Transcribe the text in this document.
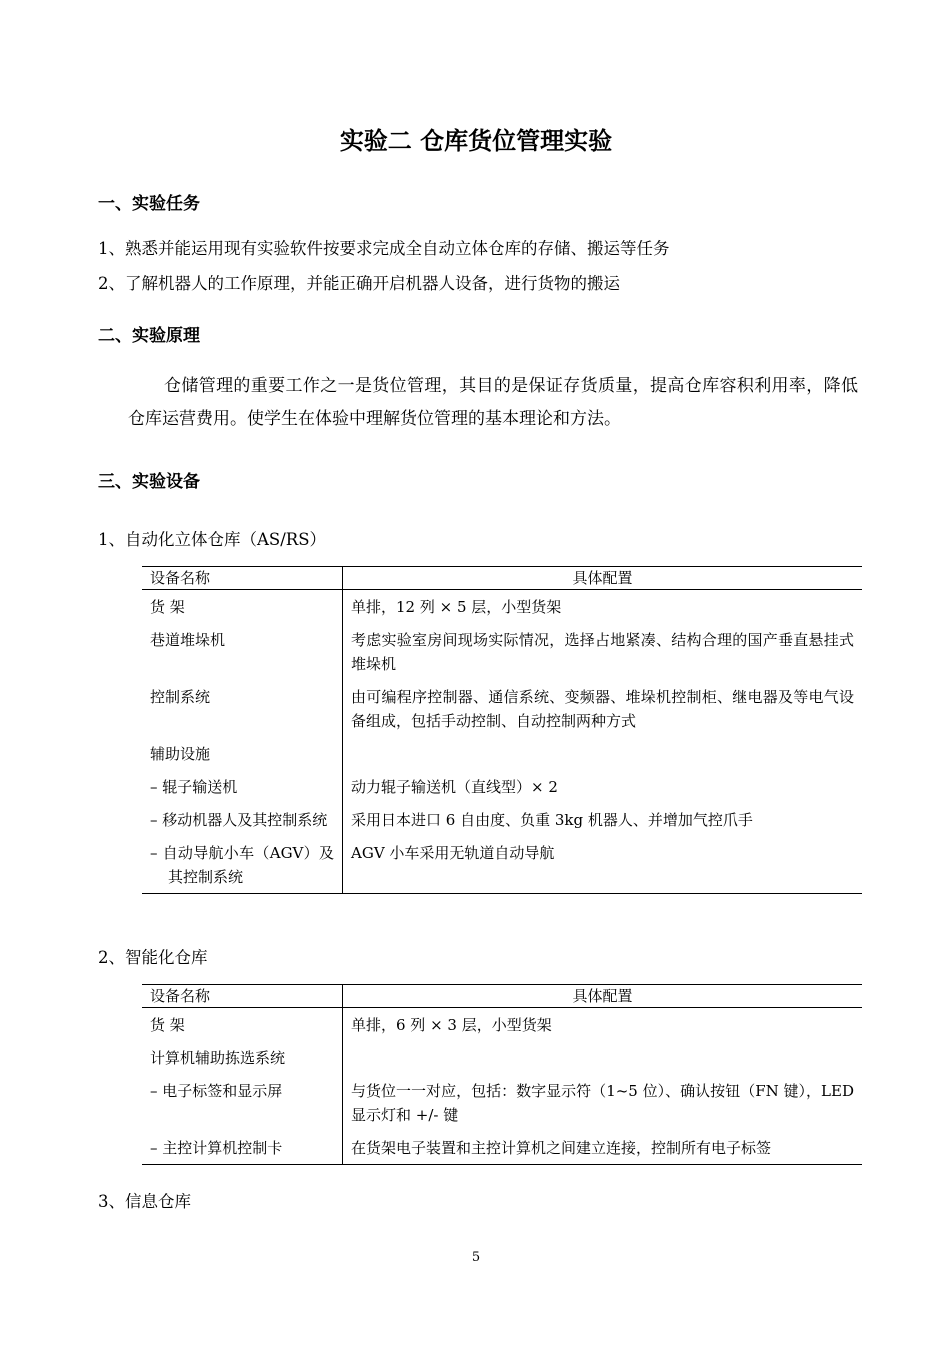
实验二 仓库货位管理实验
一、实验任务
1、熟悉并能运用现有实验软件按要求完成全自动立体仓库的存储、搬运等任务
2、了解机器人的工作原理，并能正确开启机器人设备，进行货物的搬运
二、实验原理
仓储管理的重要工作之一是货位管理，其目的是保证存货质量，提高仓库容积利用率，降低仓库运营费用。使学生在体验中理解货位管理的基本理论和方法。
三、实验设备
1、自动化立体仓库（AS/RS）
设备名称	具体配置
货 架	单排，12 列 × 5 层，小型货架
巷道堆垛机	考虑实验室房间现场实际情况，选择占地紧凑、结构合理的国产垂直悬挂式堆垛机
控制系统	由可编程序控制器、通信系统、变频器、堆垛机控制柜、继电器及等电气设备组成，包括手动控制、自动控制两种方式
辅助设施	

– 辊子输送机	动力辊子输送机（直线型）× 2

– 移动机器人及其控制系统	采用日本进口 6 自由度、负重 3kg 机器人、并增加气控爪手

– 自动导航小车（AGV）及其控制系统	AGV 小车采用无轨道自动导航
2、智能化仓库
设备名称	具体配置
货 架	单排，6 列 × 3 层，小型货架
计算机辅助拣选系统	

– 电子标签和显示屏	与货位一一对应，包括：数字显示符（1~5 位）、确认按钮（FN 键），LED 显示灯和 +/- 键

– 主控计算机控制卡	在货架电子装置和主控计算机之间建立连接，控制所有电子标签
3、信息仓库
5
